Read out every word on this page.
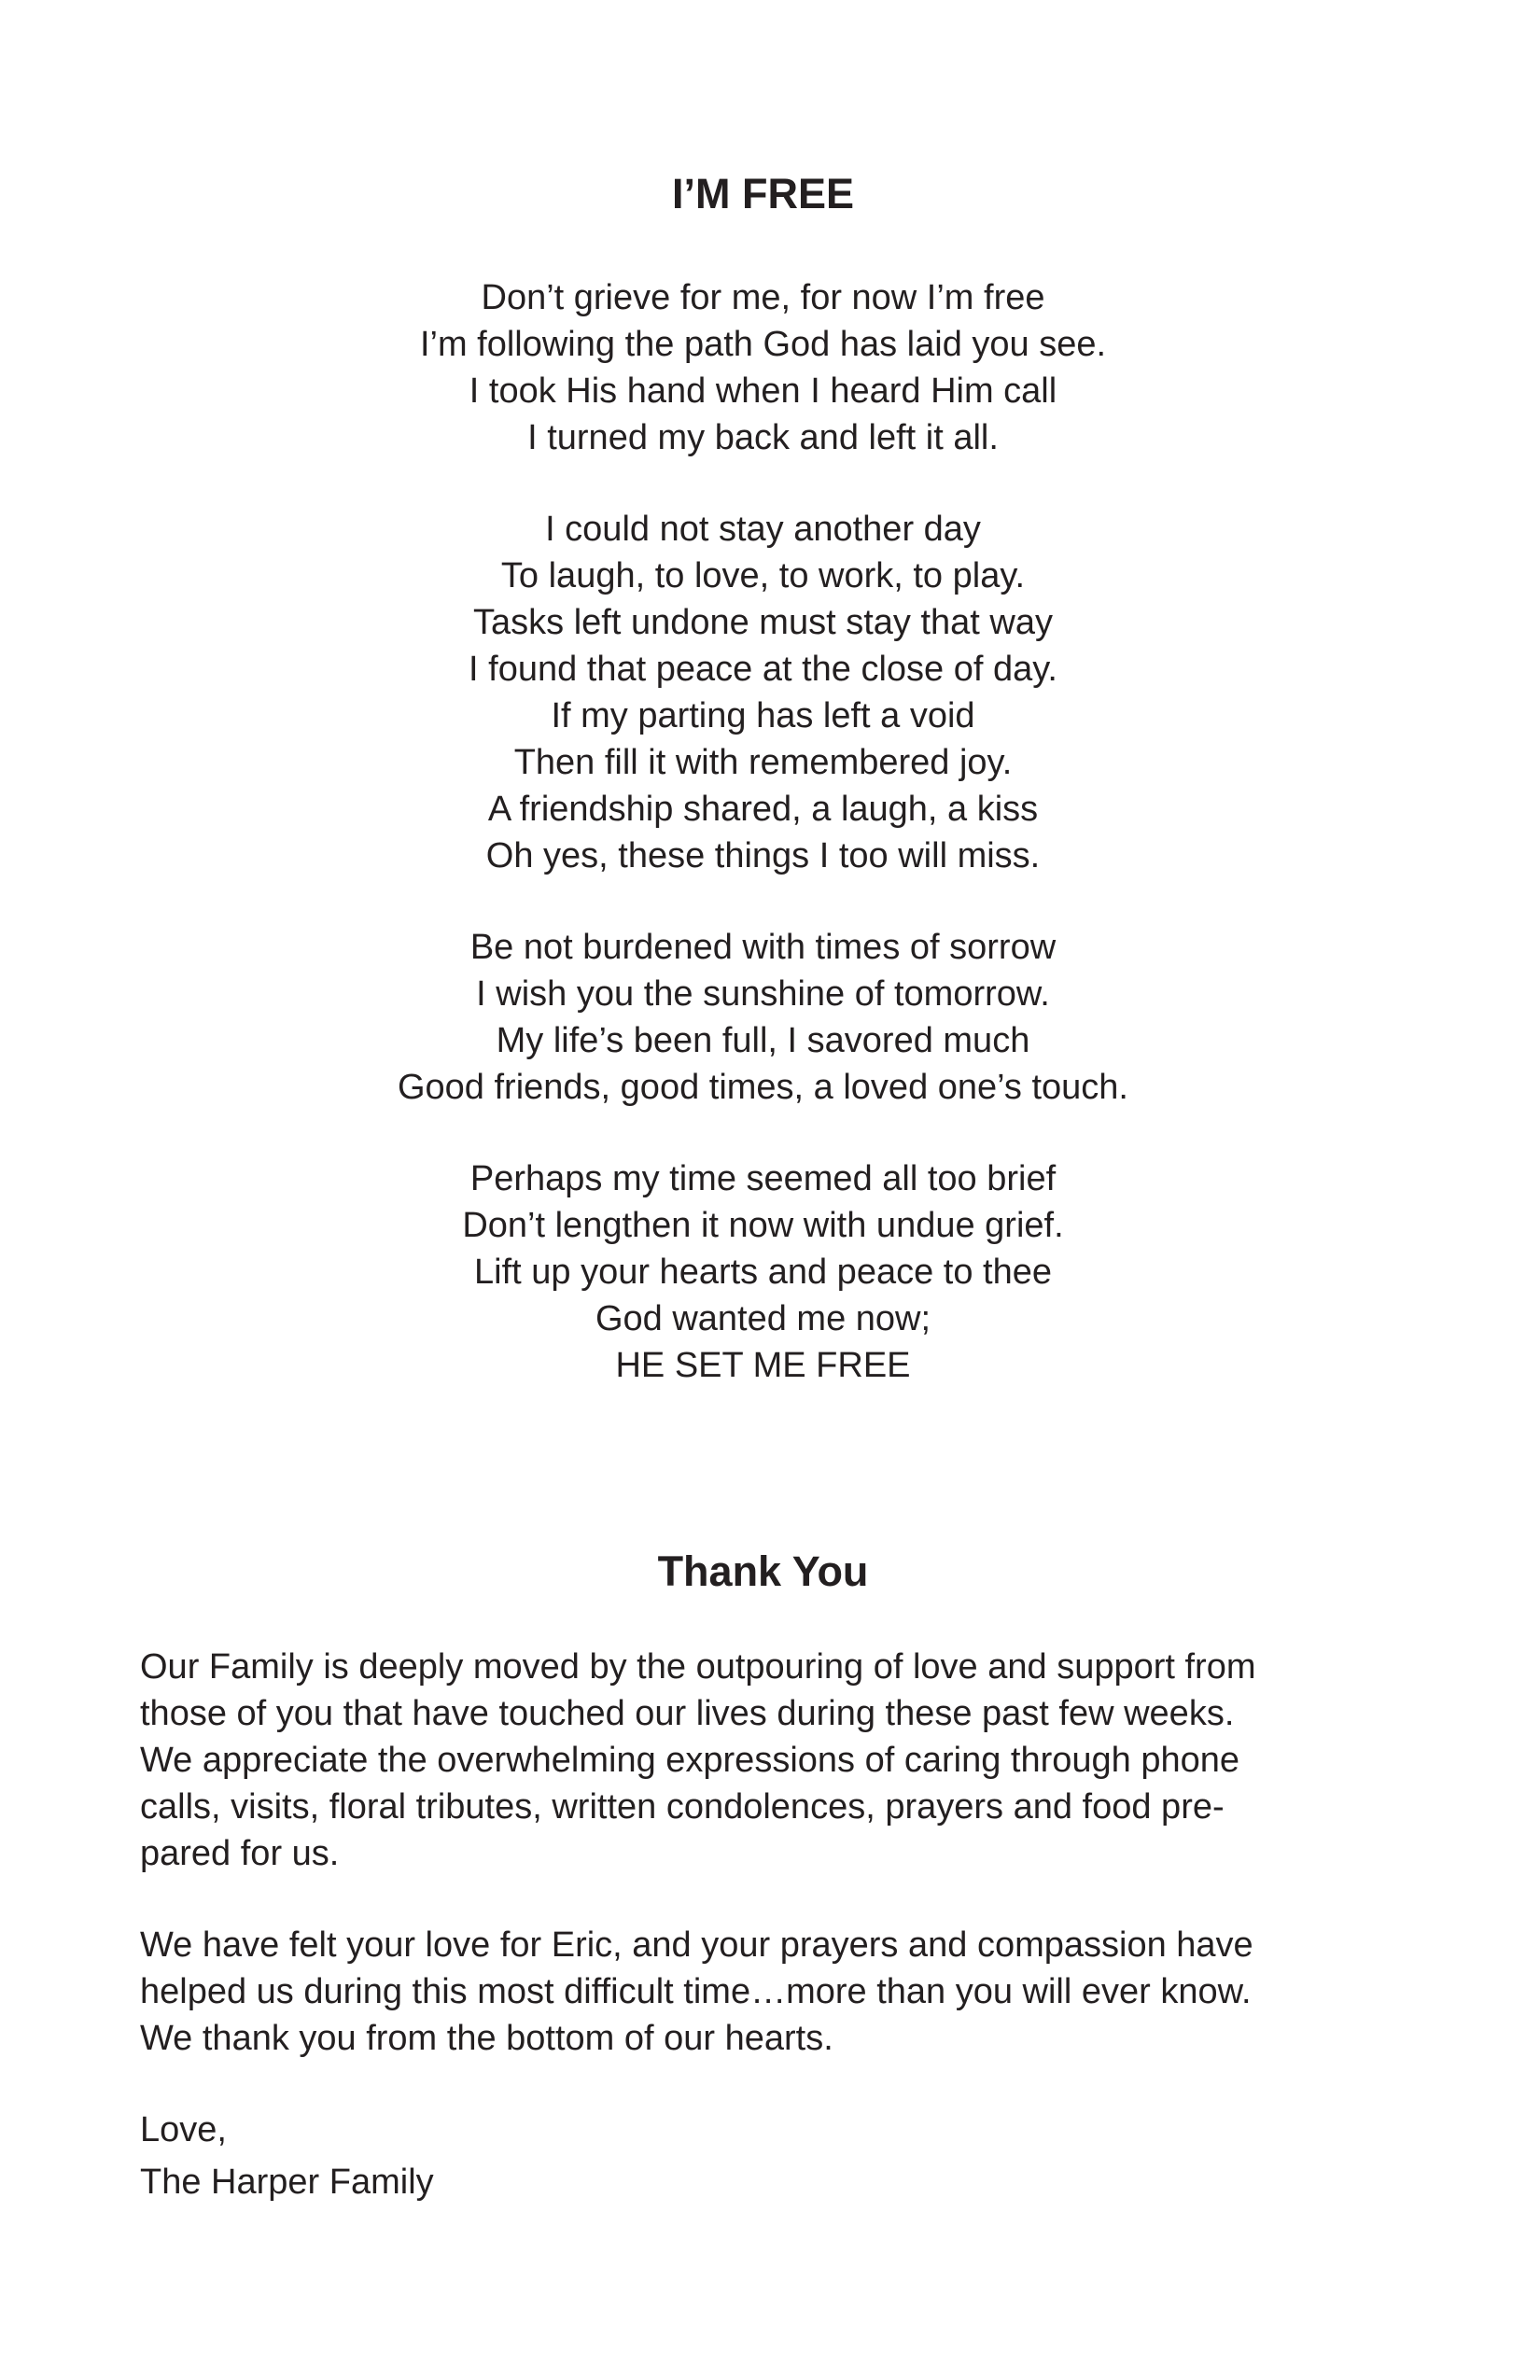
I’M FREE
Don’t grieve for me, for now I’m free
I’m following the path God has laid you see.
I took His hand when I heard Him call
I turned my back and left it all.
I could not stay another day
To laugh, to love, to work, to play.
Tasks left undone must stay that way
I found that peace at the close of day.
If my parting has left a void
Then fill it with remembered joy.
A friendship shared, a laugh, a kiss
Oh yes, these things I too will miss.
Be not burdened with times of sorrow
I wish you the sunshine of tomorrow.
My life’s been full, I savored much
Good friends, good times, a loved one’s touch.
Perhaps my time seemed all too brief
Don’t lengthen it now with undue grief.
Lift up your hearts and peace to thee
God wanted me now;
HE SET ME FREE
Thank You
Our Family is deeply moved by the outpouring of love and support from
those of you that have touched our lives during these past few weeks.
We appreciate the overwhelming expressions of caring through phone
calls, visits, floral tributes, written condolences, prayers and food pre-
pared for us.
We have felt your love for Eric, and your prayers and compassion have
helped us during this most difficult time…more than you will ever know.
We thank you from the bottom of our hearts.
Love,
The Harper Family
